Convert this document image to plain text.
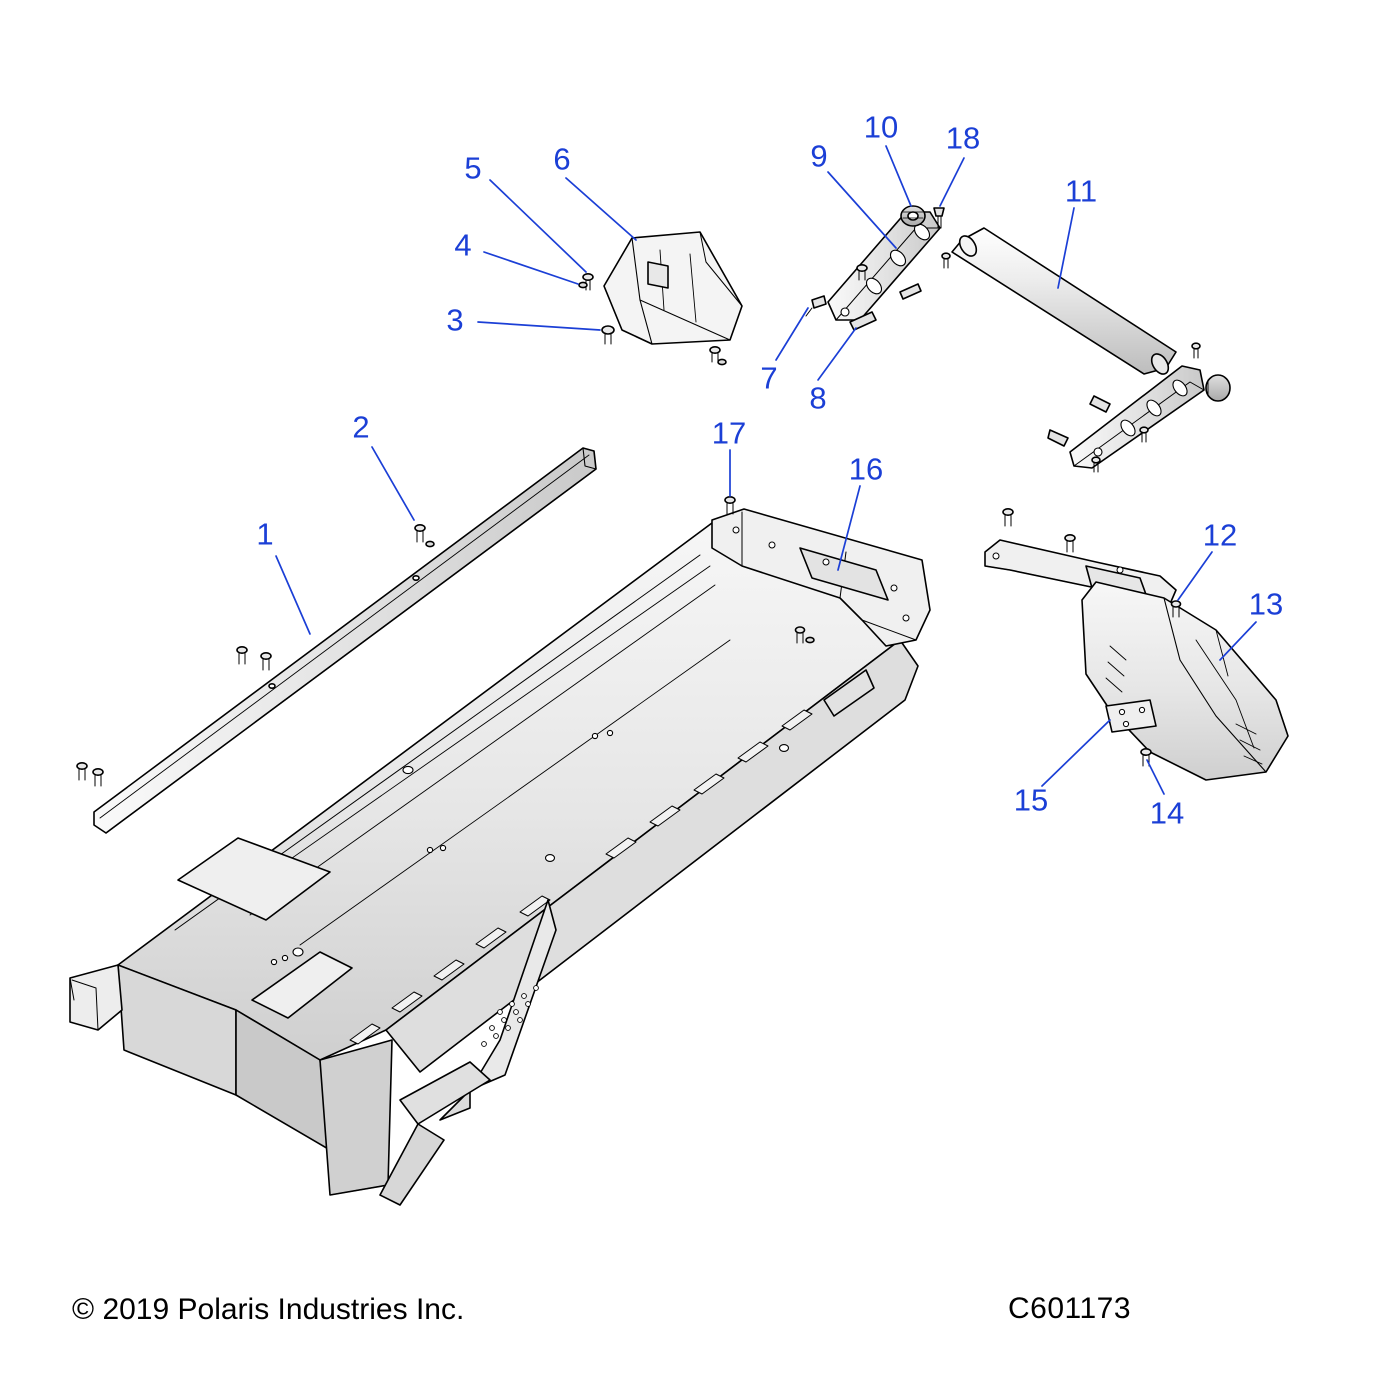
1
2
3
4
5 6
7
8
9
10
11
12
13
14
15
16
17
18
© 2019 Polaris Industries Inc.	C601173
